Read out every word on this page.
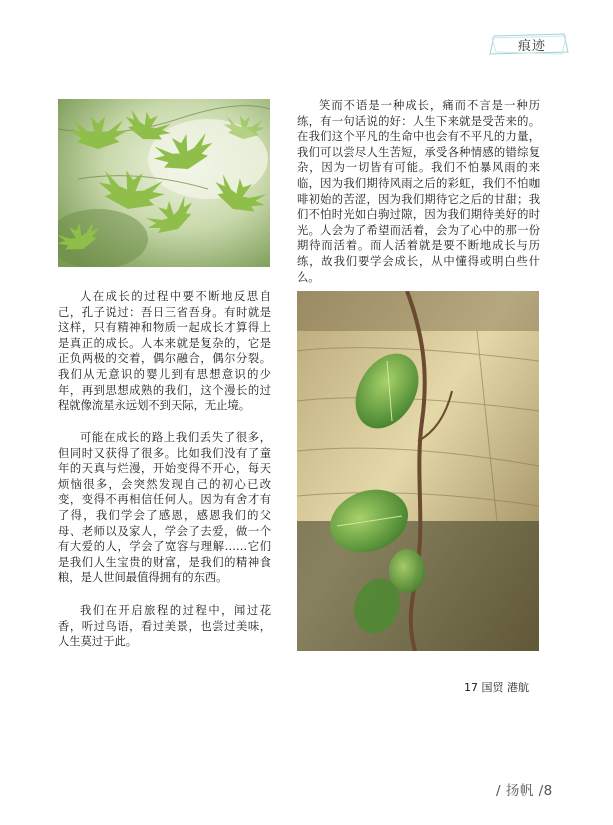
痕迹

笑而不语是一种成长，痛而不言是一种历练，有一句话说的好：人生下来就是受苦来的。在我们这个平凡的生命中也会有不平凡的力量，我们可以尝尽人生苦短，承受各种情感的错综复杂，因为一切皆有可能。我们不怕暴风雨的来临，因为我们期待风雨之后的彩虹，我们不怕咖啡初始的苦涩，因为我们期待它之后的甘甜；我们不怕时光如白驹过隙，因为我们期待美好的时光。人会为了希望而活着，会为了心中的那一份期待而活着。而人活着就是要不断地成长与历练，故我们要学会成长，从中懂得或明白些什么。

人在成长的过程中要不断地反思自己，孔子说过：吾日三省吾身。有时就是这样，只有精神和物质一起成长才算得上是真正的成长。人本来就是复杂的，它是正负两极的交着，偶尔融合，偶尔分裂。我们从无意识的婴儿到有思想意识的少年，再到思想成熟的我们，这个漫长的过程就像流星永远划不到天际，无止境。

可能在成长的路上我们丢失了很多，但同时又获得了很多。比如我们没有了童年的天真与烂漫，开始变得不开心，每天烦恼很多，会突然发现自己的初心已改变，变得不再相信任何人。因为有舍才有了得，我们学会了感恩，感恩我们的父母、老师以及家人，学会了去爱，做一个有大爱的人，学会了宽容与理解……它们是我们人生宝贵的财富，是我们的精神食粮，是人世间最值得拥有的东西。

我们在开启旅程的过程中，闻过花香，听过鸟语，看过美景，也尝过美味，人生莫过于此。

17 国贸 港航
/ 扬帆 /8
